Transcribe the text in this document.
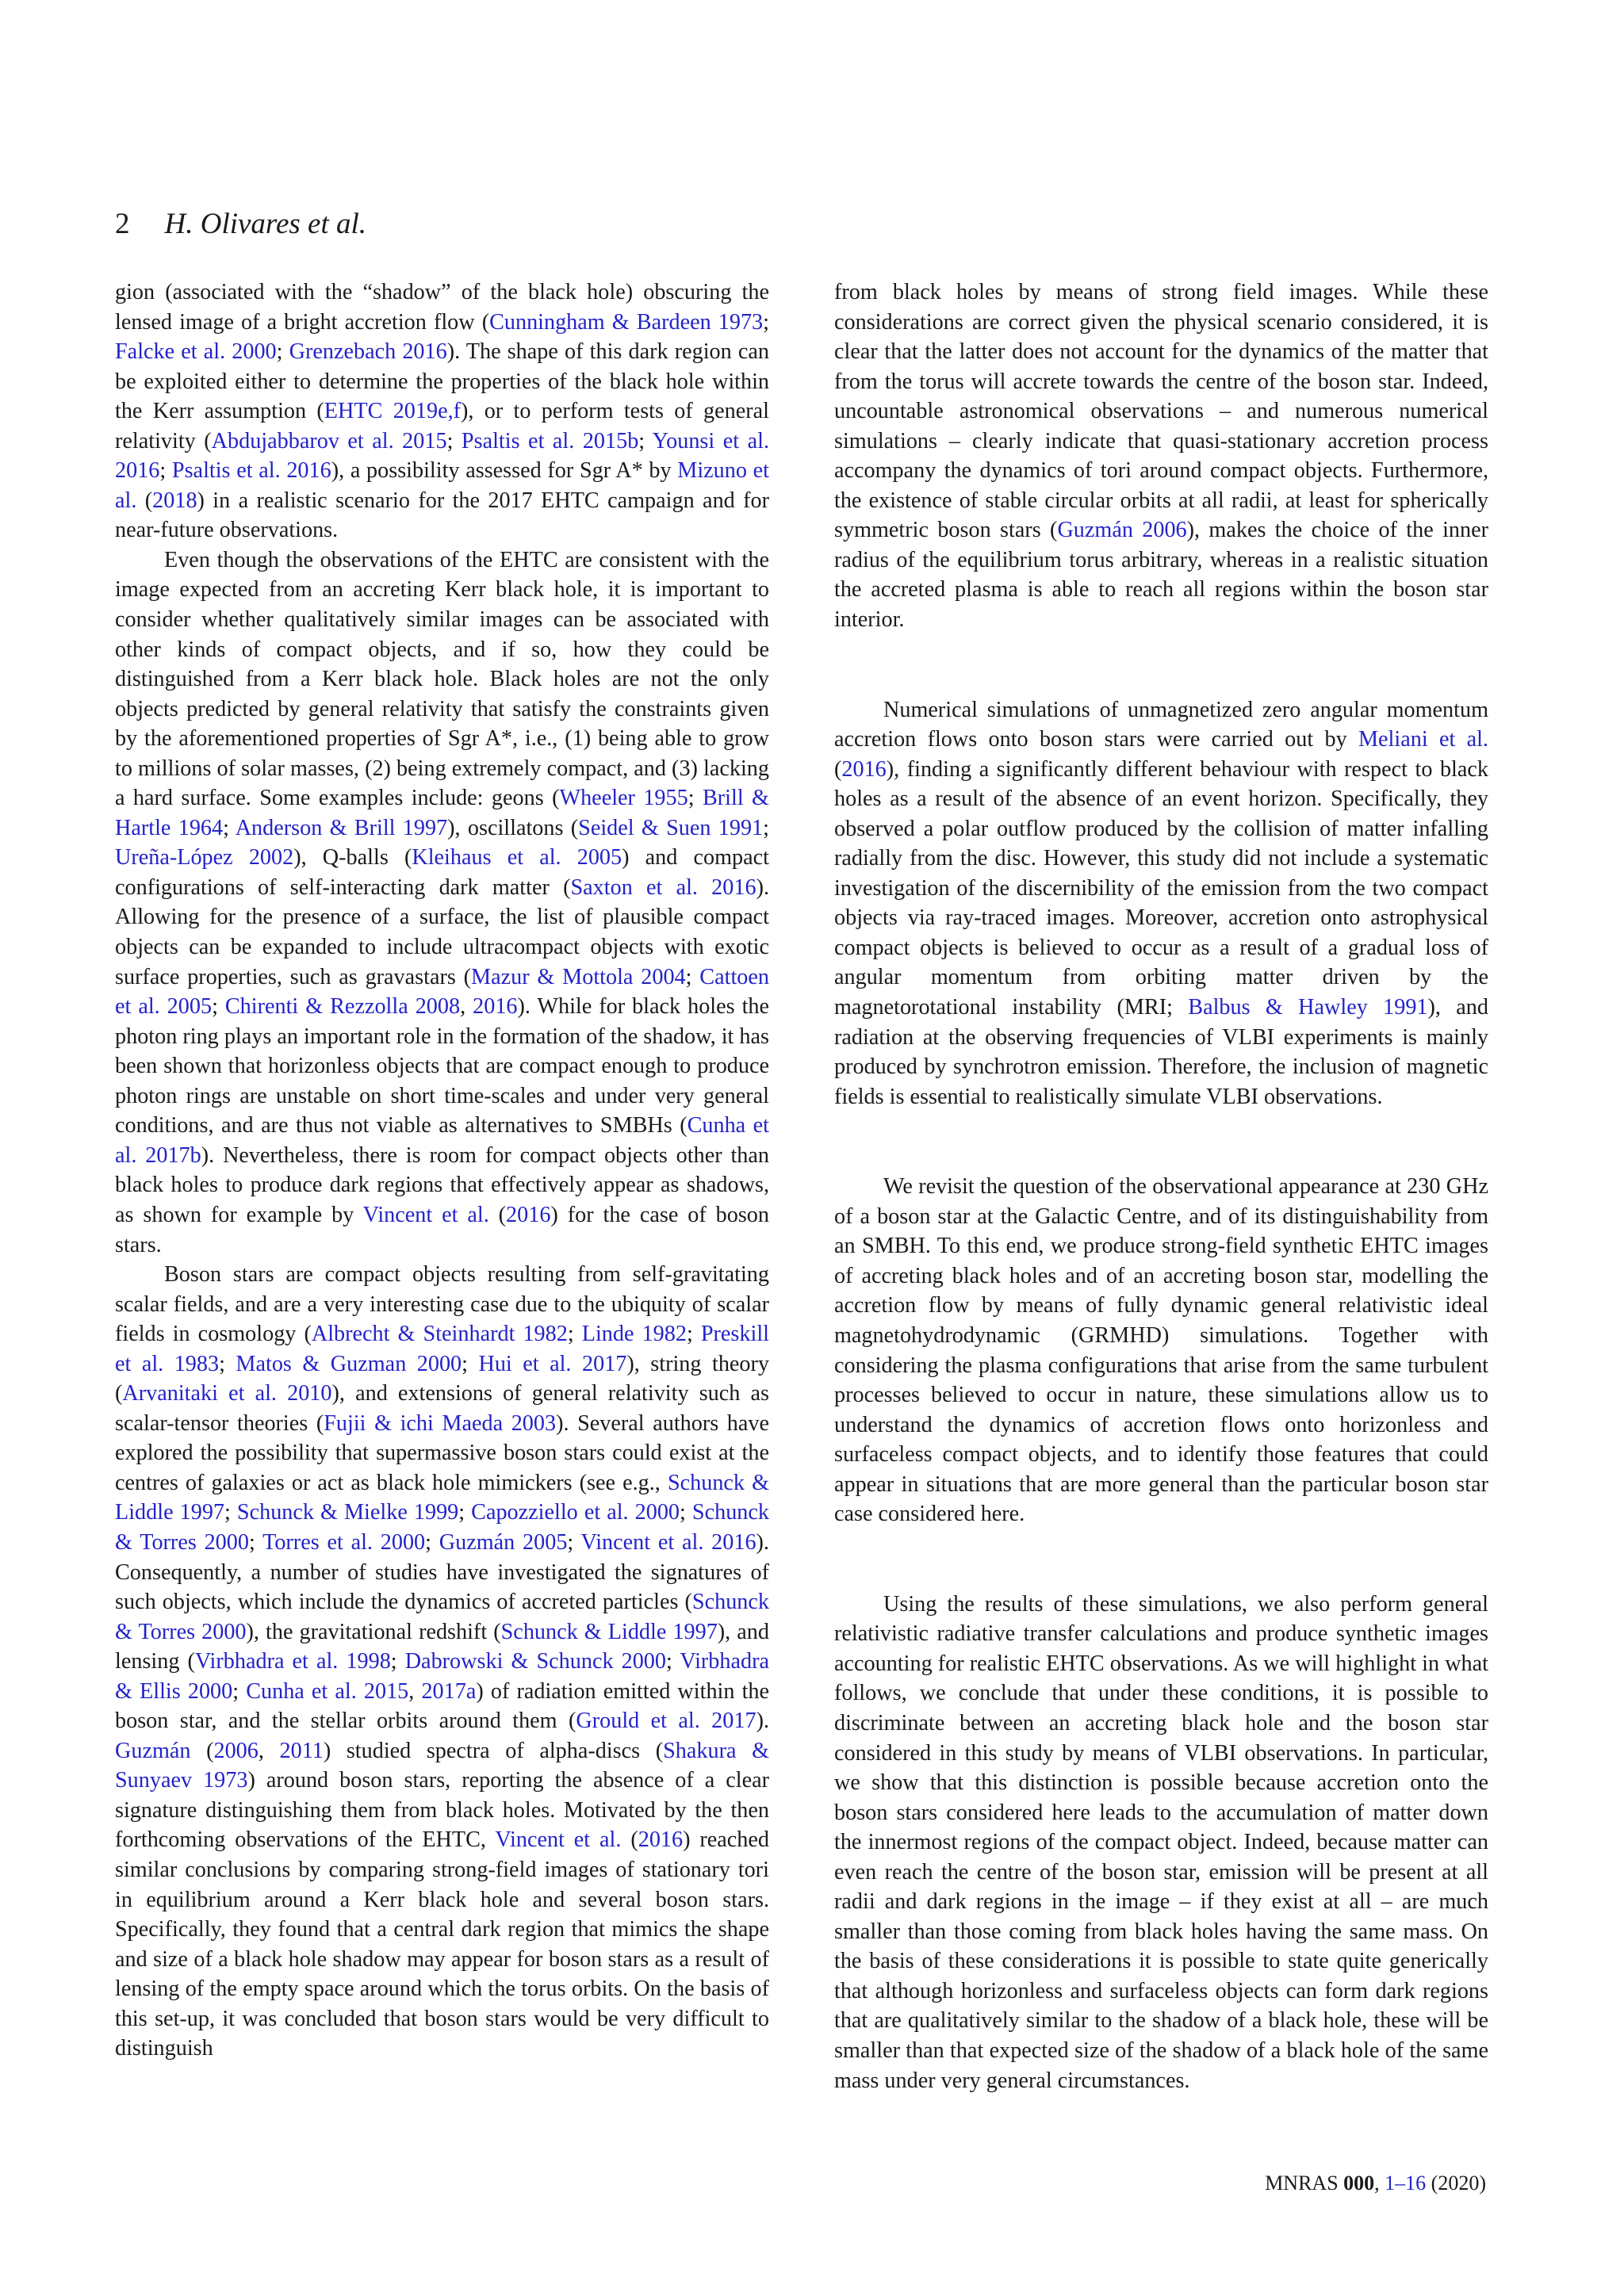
2 H. Olivares et al.

gion (associated with the “shadow” of the black hole) obscuring the lensed image of a bright accretion flow (Cunningham & Bardeen 1973; Falcke et al. 2000; Grenzebach 2016). The shape of this dark region can be exploited either to determine the properties of the black hole within the Kerr assumption (EHTC 2019e,f), or to perform tests of general relativity (Abdujabbarov et al. 2015; Psaltis et al. 2015b; Younsi et al. 2016; Psaltis et al. 2016), a possibility assessed for Sgr A* by Mizuno et al. (2018) in a realistic scenario for the 2017 EHTC campaign and for near-future observations.

Even though the observations of the EHTC are consistent with the image expected from an accreting Kerr black hole, it is important to consider whether qualitatively similar images can be associated with other kinds of compact objects, and if so, how they could be distinguished from a Kerr black hole. Black holes are not the only objects predicted by general relativity that satisfy the constraints given by the aforementioned properties of Sgr A*, i.e., (1) being able to grow to millions of solar masses, (2) being extremely compact, and (3) lacking a hard surface. Some examples include: geons (Wheeler 1955; Brill & Hartle 1964; Anderson & Brill 1997), oscillatons (Seidel & Suen 1991; Ureña-López 2002), Q-balls (Kleihaus et al. 2005) and compact configurations of self-interacting dark matter (Saxton et al. 2016). Allowing for the presence of a surface, the list of plausible compact objects can be expanded to include ultracompact objects with exotic surface properties, such as gravastars (Mazur & Mottola 2004; Cattoen et al. 2005; Chirenti & Rezzolla 2008, 2016). While for black holes the photon ring plays an important role in the formation of the shadow, it has been shown that horizonless objects that are compact enough to produce photon rings are unstable on short time-scales and under very general conditions, and are thus not viable as alternatives to SMBHs (Cunha et al. 2017b). Nevertheless, there is room for compact objects other than black holes to produce dark regions that effectively appear as shadows, as shown for example by Vincent et al. (2016) for the case of boson stars.

Boson stars are compact objects resulting from self-gravitating scalar fields, and are a very interesting case due to the ubiquity of scalar fields in cosmology (Albrecht & Steinhardt 1982; Linde 1982; Preskill et al. 1983; Matos & Guzman 2000; Hui et al. 2017), string theory (Arvanitaki et al. 2010), and extensions of general relativity such as scalar-tensor theories (Fujii & ichi Maeda 2003). Several authors have explored the possibility that supermassive boson stars could exist at the centres of galaxies or act as black hole mimickers (see e.g., Schunck & Liddle 1997; Schunck & Mielke 1999; Capozziello et al. 2000; Schunck & Torres 2000; Torres et al. 2000; Guzmán 2005; Vincent et al. 2016). Consequently, a number of studies have investigated the signatures of such objects, which include the dynamics of accreted particles (Schunck & Torres 2000), the gravitational redshift (Schunck & Liddle 1997), and lensing (Virbhadra et al. 1998; Dabrowski & Schunck 2000; Virbhadra & Ellis 2000; Cunha et al. 2015, 2017a) of radiation emitted within the boson star, and the stellar orbits around them (Grould et al. 2017). Guzmán (2006, 2011) studied spectra of alpha-discs (Shakura & Sunyaev 1973) around boson stars, reporting the absence of a clear signature distinguishing them from black holes. Motivated by the then forthcoming observations of the EHTC, Vincent et al. (2016) reached similar conclusions by comparing strong-field images of stationary tori in equilibrium around a Kerr black hole and several boson stars. Specifically, they found that a central dark region that mimics the shape and size of a black hole shadow may appear for boson stars as a result of lensing of the empty space around which the torus orbits. On the basis of this set-up, it was concluded that boson stars would be very difficult to distinguish

from black holes by means of strong field images. While these considerations are correct given the physical scenario considered, it is clear that the latter does not account for the dynamics of the matter that from the torus will accrete towards the centre of the boson star. Indeed, uncountable astronomical observations – and numerous numerical simulations – clearly indicate that quasi-stationary accretion process accompany the dynamics of tori around compact objects. Furthermore, the existence of stable circular orbits at all radii, at least for spherically symmetric boson stars (Guzmán 2006), makes the choice of the inner radius of the equilibrium torus arbitrary, whereas in a realistic situation the accreted plasma is able to reach all regions within the boson star interior.

Numerical simulations of unmagnetized zero angular momentum accretion flows onto boson stars were carried out by Meliani et al. (2016), finding a significantly different behaviour with respect to black holes as a result of the absence of an event horizon. Specifically, they observed a polar outflow produced by the collision of matter infalling radially from the disc. However, this study did not include a systematic investigation of the discernibility of the emission from the two compact objects via ray-traced images. Moreover, accretion onto astrophysical compact objects is believed to occur as a result of a gradual loss of angular momentum from orbiting matter driven by the magnetorotational instability (MRI; Balbus & Hawley 1991), and radiation at the observing frequencies of VLBI experiments is mainly produced by synchrotron emission. Therefore, the inclusion of magnetic fields is essential to realistically simulate VLBI observations.

We revisit the question of the observational appearance at 230 GHz of a boson star at the Galactic Centre, and of its distinguishability from an SMBH. To this end, we produce strong-field synthetic EHTC images of accreting black holes and of an accreting boson star, modelling the accretion flow by means of fully dynamic general relativistic ideal magnetohydrodynamic (GRMHD) simulations. Together with considering the plasma configurations that arise from the same turbulent processes believed to occur in nature, these simulations allow us to understand the dynamics of accretion flows onto horizonless and surfaceless compact objects, and to identify those features that could appear in situations that are more general than the particular boson star case considered here.

Using the results of these simulations, we also perform general relativistic radiative transfer calculations and produce synthetic images accounting for realistic EHTC observations. As we will highlight in what follows, we conclude that under these conditions, it is possible to discriminate between an accreting black hole and the boson star considered in this study by means of VLBI observations. In particular, we show that this distinction is possible because accretion onto the boson stars considered here leads to the accumulation of matter down the innermost regions of the compact object. Indeed, because matter can even reach the centre of the boson star, emission will be present at all radii and dark regions in the image – if they exist at all – are much smaller than those coming from black holes having the same mass. On the basis of these considerations it is possible to state quite generically that although horizonless and surfaceless objects can form dark regions that are qualitatively similar to the shadow of a black hole, these will be smaller than that expected size of the shadow of a black hole of the same mass under very general circumstances.

MNRAS 000, 1–16 (2020)
